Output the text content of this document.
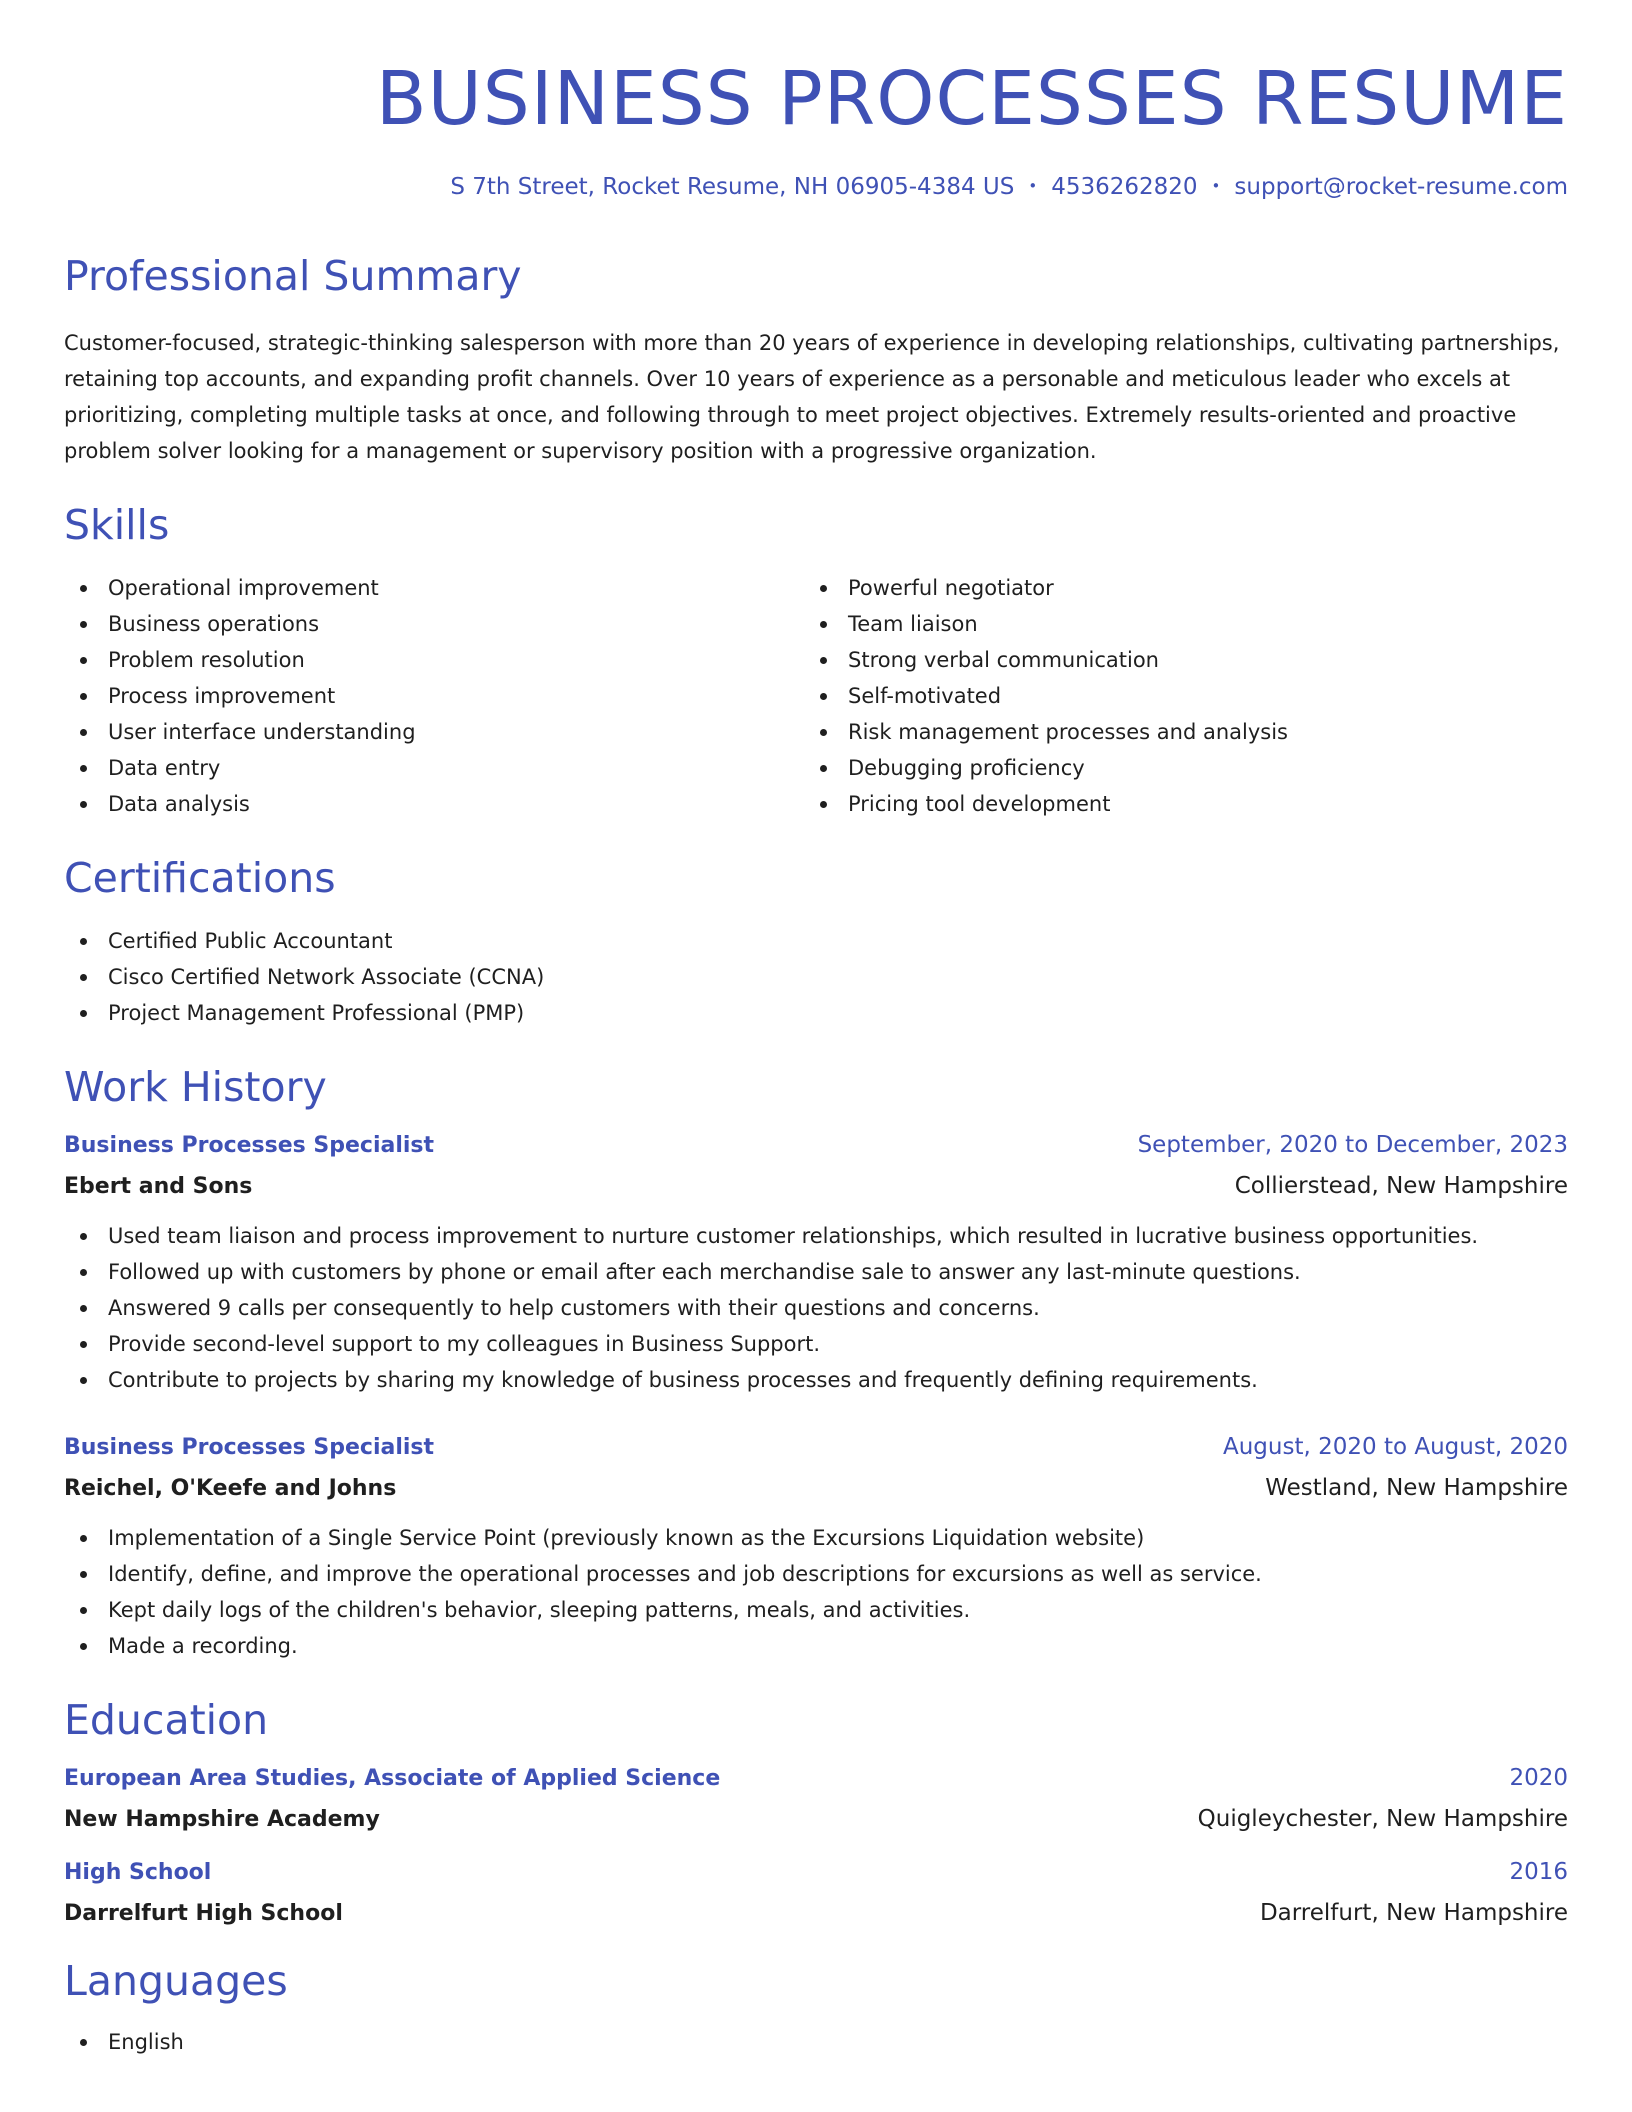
BUSINESS PROCESSES RESUME
S 7th Street, Rocket Resume, NH 06905-4384 US • 4536262820 • support@rocket-resume.com
Professional Summary

Customer-focused, strategic-thinking salesperson with more than 20 years of experience in developing relationships, cultivating partnerships, retaining top accounts, and expanding profit channels. Over 10 years of experience as a personable and meticulous leader who excels at prioritizing, completing multiple tasks at once, and following through to meet project objectives. Extremely results-oriented and proactive problem solver looking for a management or supervisory position with a progressive organization.

Skills
Operational improvement
Business operations
Problem resolution
Process improvement
User interface understanding
Data entry
Data analysis
Powerful negotiator
Team liaison
Strong verbal communication
Self-motivated
Risk management processes and analysis
Debugging proficiency
Pricing tool development
Certifications
Certified Public Accountant
Cisco Certified Network Associate (CCNA)
Project Management Professional (PMP)
Work History
Business Processes Specialist	September, 2020 to December, 2023
Ebert and Sons	Collierstead, New Hampshire
Used team liaison and process improvement to nurture customer relationships, which resulted in lucrative business opportunities.
Followed up with customers by phone or email after each merchandise sale to answer any last-minute questions.
Answered 9 calls per consequently to help customers with their questions and concerns.
Provide second-level support to my colleagues in Business Support.
Contribute to projects by sharing my knowledge of business processes and frequently defining requirements.
Business Processes Specialist	August, 2020 to August, 2020
Reichel, O'Keefe and Johns	Westland, New Hampshire
Implementation of a Single Service Point (previously known as the Excursions Liquidation website)
Identify, define, and improve the operational processes and job descriptions for excursions as well as service.
Kept daily logs of the children's behavior, sleeping patterns, meals, and activities.
Made a recording.
Education
European Area Studies, Associate of Applied Science	2020
New Hampshire Academy	Quigleychester, New Hampshire
High School	2016
Darrelfurt High School	Darrelfurt, New Hampshire
Languages
English
